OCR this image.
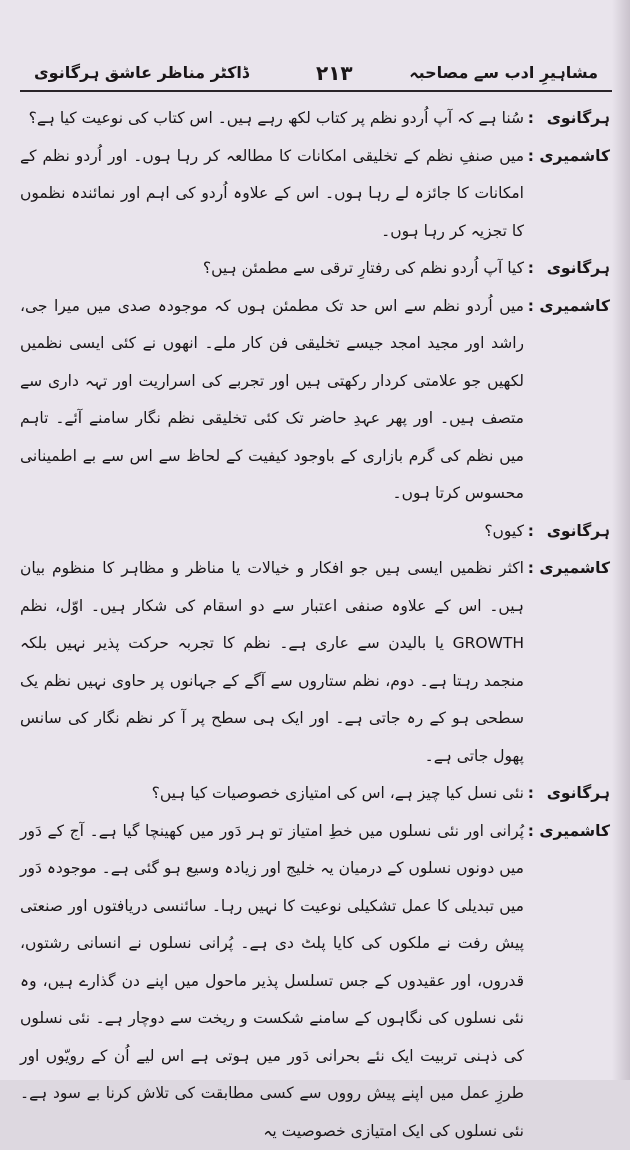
مشاہیرِ ادب سے مصاحبہ
۲۱۳
ڈاکٹر مناظر عاشق ہرگانوی
ہرگانوی
:
سُنا ہے کہ آپ اُردو نظم پر کتاب لکھ رہے ہیں۔ اس کتاب کی نوعیت کیا ہے؟
کاشمیری
:
میں صنفِ نظم کے تخلیقی امکانات کا مطالعہ کر رہا ہوں۔ اور اُردو نظم کے امکانات کا جائزہ لے رہا ہوں۔ اس کے علاوہ اُردو کی اہم اور نمائندہ نظموں کا تجزیہ کر رہا ہوں۔
ہرگانوی
:
کیا آپ اُردو نظم کی رفتارِ ترقی سے مطمئن ہیں؟
کاشمیری
:
میں اُردو نظم سے اس حد تک مطمئن ہوں کہ موجودہ صدی میں میرا جی، راشد اور مجید امجد جیسے تخلیقی فن کار ملے۔ انھوں نے کئی ایسی نظمیں لکھیں جو علامتی کردار رکھتی ہیں اور تجربے کی اسراریت اور تہہ داری سے متصف ہیں۔ اور پھر عہدِ حاضر تک کئی تخلیقی نظم نگار سامنے آئے۔ تاہم میں نظم کی گرم بازاری کے باوجود کیفیت کے لحاظ سے اس سے بے اطمینانی محسوس کرتا ہوں۔
ہرگانوی
:
کیوں؟
کاشمیری
:
اکثر نظمیں ایسی ہیں جو افکار و خیالات یا مناظر و مظاہر کا منظوم بیان ہیں۔ اس کے علاوہ صنفی اعتبار سے دو اسقام کی شکار ہیں۔ اوّل، نظم GROWTH یا بالیدن سے عاری ہے۔ نظم کا تجربہ حرکت پذیر نہیں بلکہ منجمد رہتا ہے۔ دوم، نظم ستاروں سے آگے کے جہانوں پر حاوی نہیں نظم یک سطحی ہو کے رہ جاتی ہے۔ اور ایک ہی سطح پر آ کر نظم نگار کی سانس پھول جاتی ہے۔
ہرگانوی
:
نئی نسل کیا چیز ہے، اس کی امتیازی خصوصیات کیا ہیں؟
کاشمیری
:
پُرانی اور نئی نسلوں میں خطِ امتیاز تو ہر دَور میں کھینچا گیا ہے۔ آج کے دَور میں دونوں نسلوں کے درمیان یہ خلیج اور زیادہ وسیع ہو گئی ہے۔ موجودہ دَور میں تبدیلی کا عمل تشکیلی نوعیت کا نہیں رہا۔ سائنسی دریافتوں اور صنعتی پیش رفت نے ملکوں کی کایا پلٹ دی ہے۔ پُرانی نسلوں نے انسانی رشتوں، قدروں، اور عقیدوں کے جس تسلسل پذیر ماحول میں اپنے دن گذارے ہیں، وہ نئی نسلوں کی نگاہوں کے سامنے شکست و ریخت سے دوچار ہے۔ نئی نسلوں کی ذہنی تربیت ایک نئے بحرانی دَور میں ہوتی ہے اس لیے اُن کے رویّوں اور طرزِ عمل میں اپنے پیش رووں سے کسی مطابقت کی تلاش کرنا بے سود ہے۔ نئی نسلوں کی ایک امتیازی خصوصیت یہ
